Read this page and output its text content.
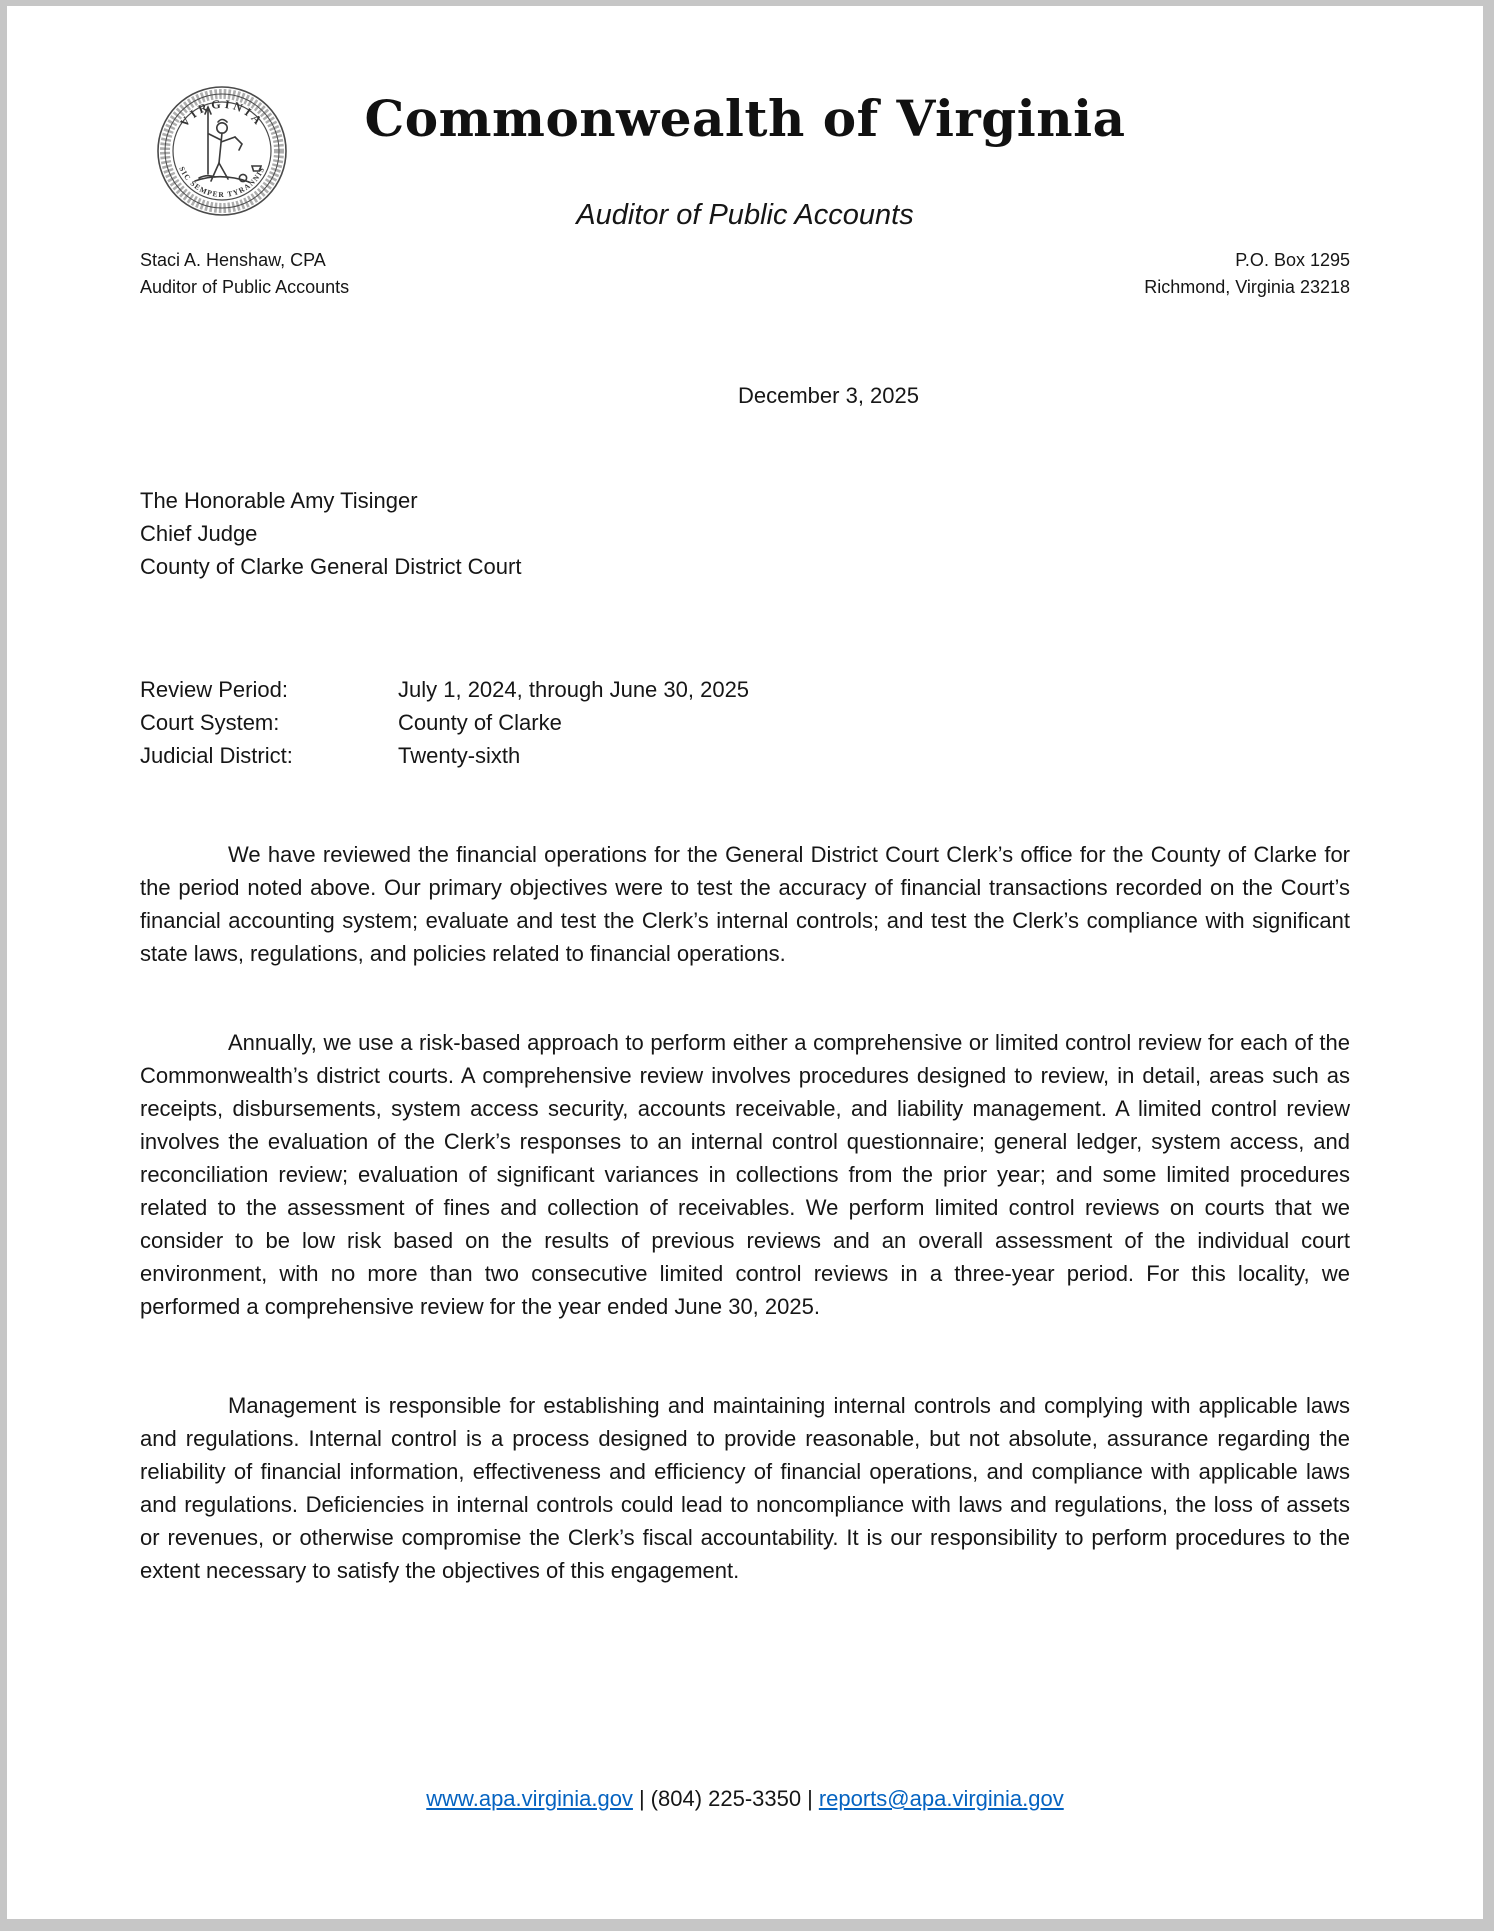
VIRGINIA
SIC SEMPER TYRANNIS
Commonwealth of Virginia
Auditor of Public Accounts
Staci A. Henshaw, CPA
Auditor of Public Accounts
P.O. Box 1295
Richmond, Virginia 23218
December 3, 2025
The Honorable Amy Tisinger
Chief Judge
County of Clarke General District Court
Review Period:	July 1, 2024, through June 30, 2025
Court System:	County of Clarke
Judicial District:	Twenty-sixth

We have reviewed the financial operations for the General District Court Clerk’s office for the County of Clarke for the period noted above. Our primary objectives were to test the accuracy of financial transactions recorded on the Court’s financial accounting system; evaluate and test the Clerk’s internal controls; and test the Clerk’s compliance with significant state laws, regulations, and policies related to financial operations.

Annually, we use a risk-based approach to perform either a comprehensive or limited control review for each of the Commonwealth’s district courts. A comprehensive review involves procedures designed to review, in detail, areas such as receipts, disbursements, system access security, accounts receivable, and liability management. A limited control review involves the evaluation of the Clerk’s responses to an internal control questionnaire; general ledger, system access, and reconciliation review; evaluation of significant variances in collections from the prior year; and some limited procedures related to the assessment of fines and collection of receivables. We perform limited control reviews on courts that we consider to be low risk based on the results of previous reviews and an overall assessment of the individual court environment, with no more than two consecutive limited control reviews in a three-year period. For this locality, we performed a comprehensive review for the year ended June 30, 2025.

Management is responsible for establishing and maintaining internal controls and complying with applicable laws and regulations. Internal control is a process designed to provide reasonable, but not absolute, assurance regarding the reliability of financial information, effectiveness and efficiency of financial operations, and compliance with applicable laws and regulations. Deficiencies in internal controls could lead to noncompliance with laws and regulations, the loss of assets or revenues, or otherwise compromise the Clerk’s fiscal accountability. It is our responsibility to perform procedures to the extent necessary to satisfy the objectives of this engagement.

www.apa.virginia.gov | (804) 225-3350 | reports@apa.virginia.gov
